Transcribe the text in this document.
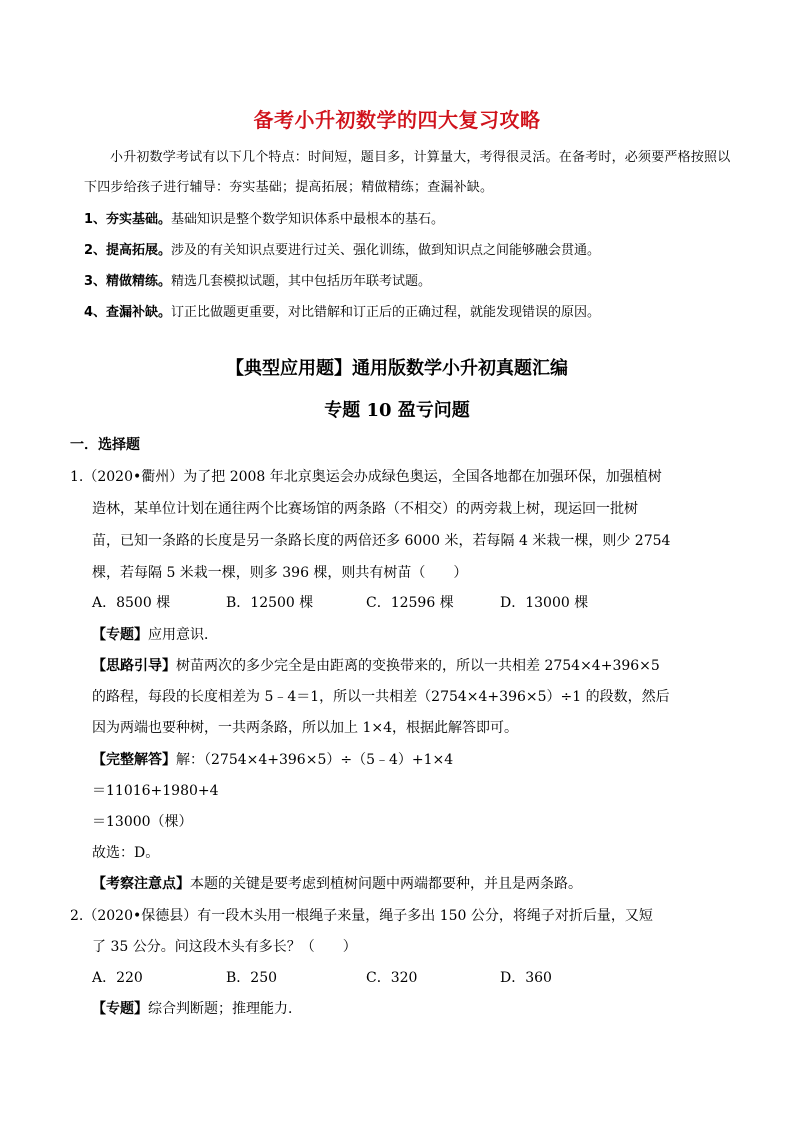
备考小升初数学的四大复习攻略
小升初数学考试有以下几个特点：时间短，题目多，计算量大，考得很灵活。在备考时，必须要严格按照以下四步给孩子进行辅导：夯实基础；提高拓展；精做精练；查漏补缺。
1、夯实基础。基础知识是整个数学知识体系中最根本的基石。
2、提高拓展。涉及的有关知识点要进行过关、强化训练，做到知识点之间能够融会贯通。
3、精做精练。精选几套模拟试题，其中包括历年联考试题。
4、查漏补缺。订正比做题更重要，对比错解和订正后的正确过程，就能发现错误的原因。
【典型应用题】通用版数学小升初真题汇编
专题 10 盈亏问题
一．选择题
1.（2020•衢州）为了把 2008 年北京奥运会办成绿色奥运，全国各地都在加强环保，加强植树
造林，某单位计划在通往两个比赛场馆的两条路（不相交）的两旁栽上树，现运回一批树
苗，已知一条路的长度是另一条路长度的两倍还多 6000 米，若每隔 4 米栽一棵，则少 2754
棵，若每隔 5 米栽一棵，则多 396 棵，则共有树苗（　　）
A．8500 棵	B．12500 棵	C．12596 棵	D．13000 棵
【专题】应用意识．
【思路引导】树苗两次的多少完全是由距离的变换带来的，所以一共相差 2754×4+396×5
的路程，每段的长度相差为 5﹣4＝1，所以一共相差（2754×4+396×5）÷1 的段数，然后
因为两端也要种树，一共两条路，所以加上 1×4，根据此解答即可。
【完整解答】解：（2754×4+396×5）÷（5﹣4）+1×4
＝11016+1980+4
＝13000（棵）
故选：D。
【考察注意点】本题的关键是要考虑到植树问题中两端都要种，并且是两条路。
2.（2020•保德县）有一段木头用一根绳子来量，绳子多出 150 公分，将绳子对折后量，又短
了 35 公分。问这段木头有多长？（　　）
A．220	B．250	C．320	D．360
【专题】综合判断题；推理能力．
